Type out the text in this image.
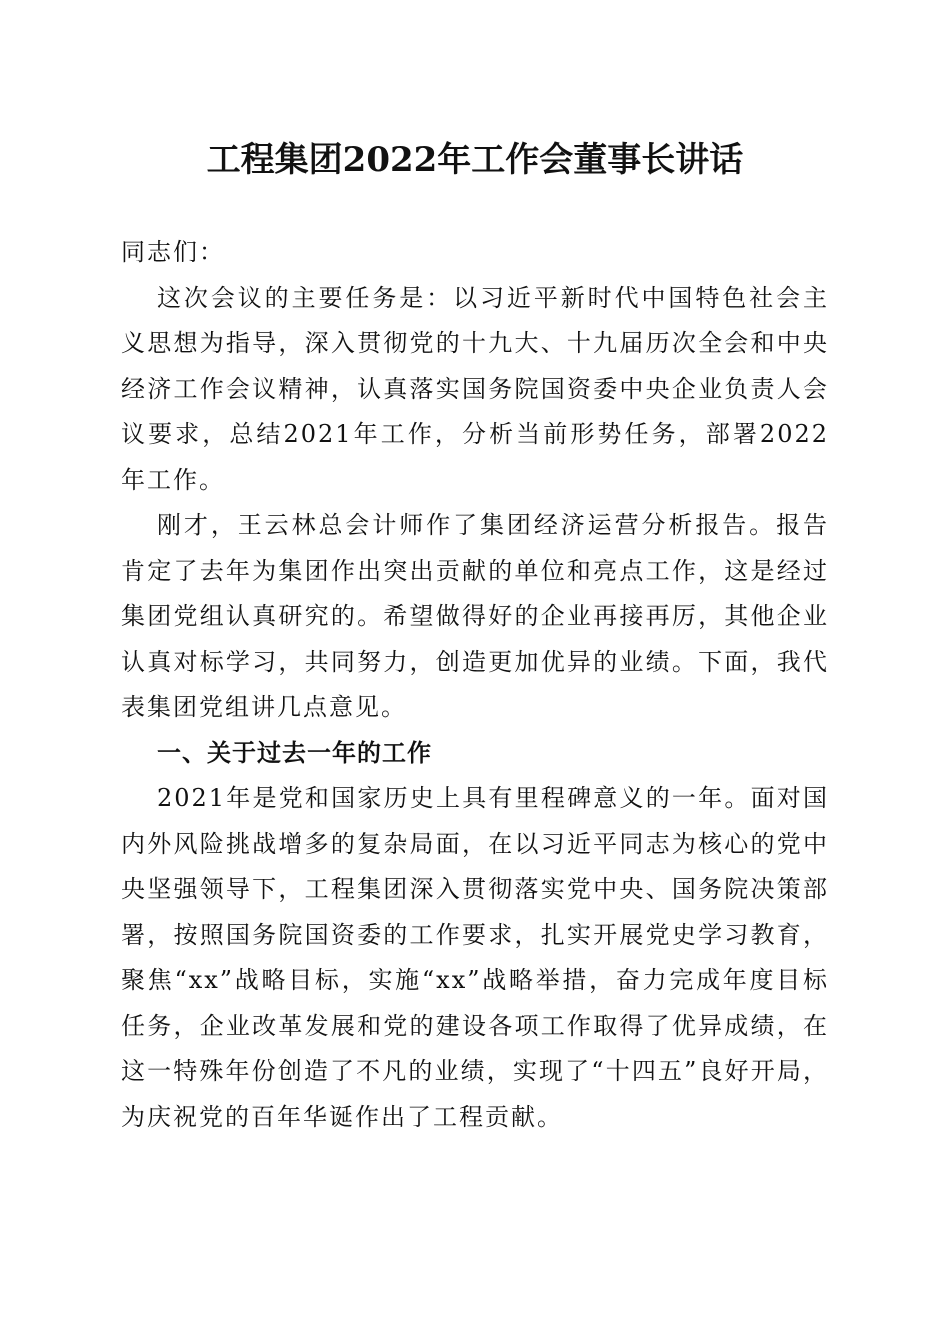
工程集团2022年工作会董事长讲话

同志们：

这次会议的主要任务是：以习近平新时代中国特色社会主义思想为指导，深入贯彻党的十九大、十九届历次全会和中央经济工作会议精神，认真落实国务院国资委中央企业负责人会议要求，总结2021年工作，分析当前形势任务，部署2022年工作。

刚才，王云林总会计师作了集团经济运营分析报告。报告肯定了去年为集团作出突出贡献的单位和亮点工作，这是经过集团党组认真研究的。希望做得好的企业再接再厉，其他企业认真对标学习，共同努力，创造更加优异的业绩。下面，我代表集团党组讲几点意见。

一、关于过去一年的工作

2021年是党和国家历史上具有里程碑意义的一年。面对国内外风险挑战增多的复杂局面，在以习近平同志为核心的党中央坚强领导下，工程集团深入贯彻落实党中央、国务院决策部署，按照国务院国资委的工作要求，扎实开展党史学习教育，聚焦“xx”战略目标，实施“xx”战略举措，奋力完成年度目标任务，企业改革发展和党的建设各项工作取得了优异成绩，在这一特殊年份创造了不凡的业绩，实现了“十四五”良好开局，为庆祝党的百年华诞作出了工程贡献。
